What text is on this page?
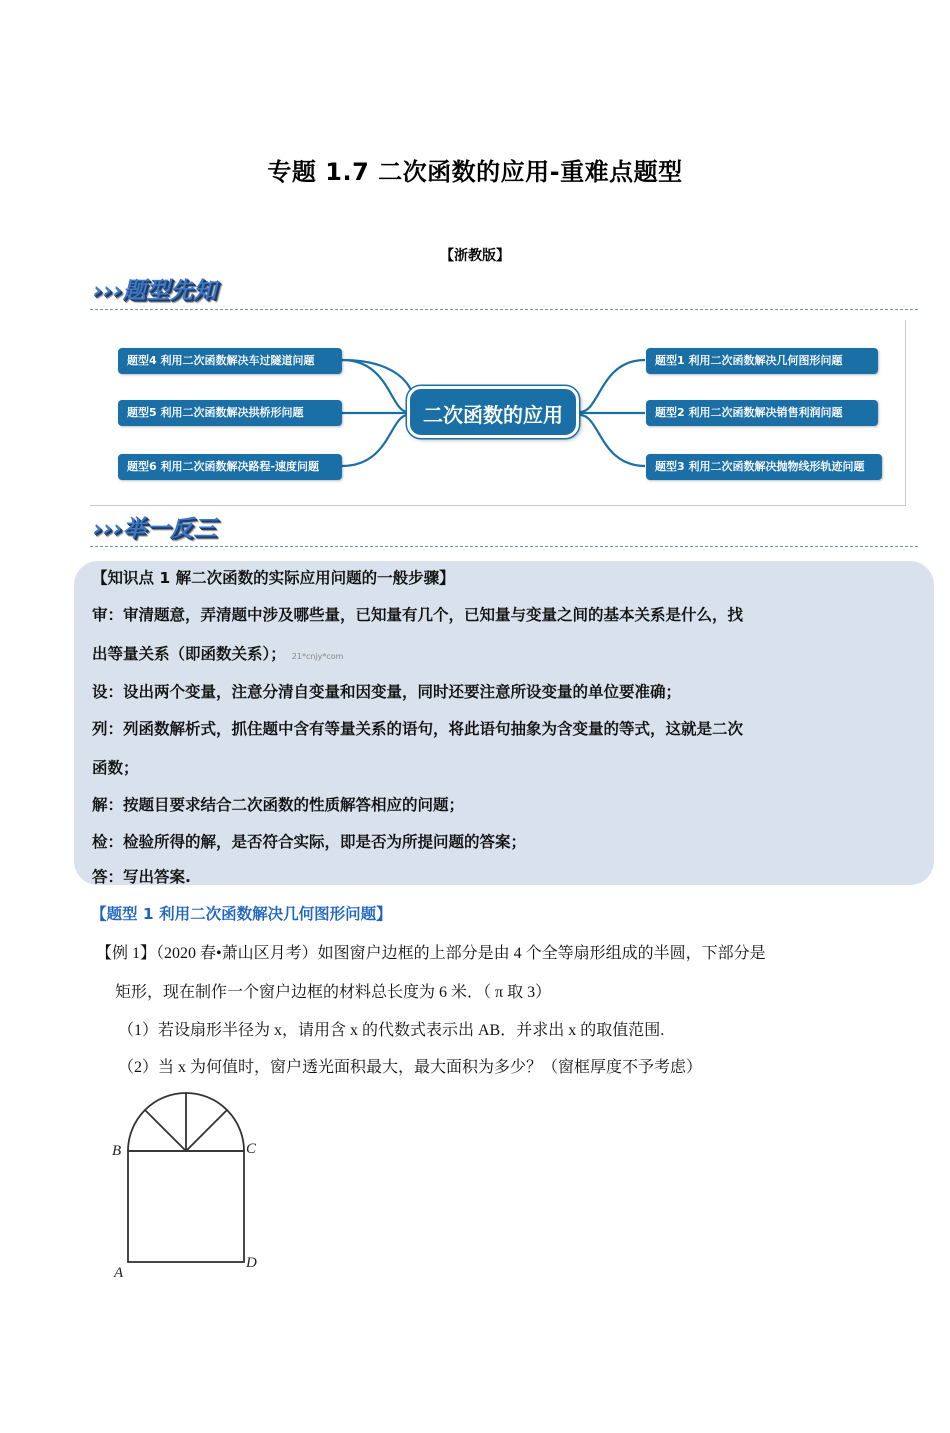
专题 1.7 二次函数的应用-重难点题型
【浙教版】
›››题型先知
题型4 利用二次函数解决车过隧道问题
题型5 利用二次函数解决拱桥形问题
题型6 利用二次函数解决路程-速度问题
二次函数的应用
题型1 利用二次函数解决几何图形问题
题型2 利用二次函数解决销售利润问题
题型3 利用二次函数解决抛物线形轨迹问题
›››举一反三
【知识点 1 解二次函数的实际应用问题的一般步骤】
审：审清题意，弄清题中涉及哪些量，已知量有几个，已知量与变量之间的基本关系是什么，找
出等量关系（即函数关系）； 21*cnjy*com
设：设出两个变量，注意分清自变量和因变量，同时还要注意所设变量的单位要准确；
列：列函数解析式，抓住题中含有等量关系的语句，将此语句抽象为含变量的等式，这就是二次
函数；
解：按题目要求结合二次函数的性质解答相应的问题；
检：检验所得的解，是否符合实际，即是否为所提问题的答案；
答：写出答案.
【题型 1 利用二次函数解决几何图形问题】
【例 1】（2020 春•萧山区月考）如图窗户边框的上部分是由 4 个全等扇形组成的半圆，下部分是
矩形，现在制作一个窗户边框的材料总长度为 6 米．（ π 取 3）
（1）若设扇形半径为 x，请用含 x 的代数式表示出 AB．并求出 x 的取值范围.
（2）当 x 为何值时，窗户透光面积最大，最大面积为多少？（窗框厚度不予考虑）
B	C
A
D
